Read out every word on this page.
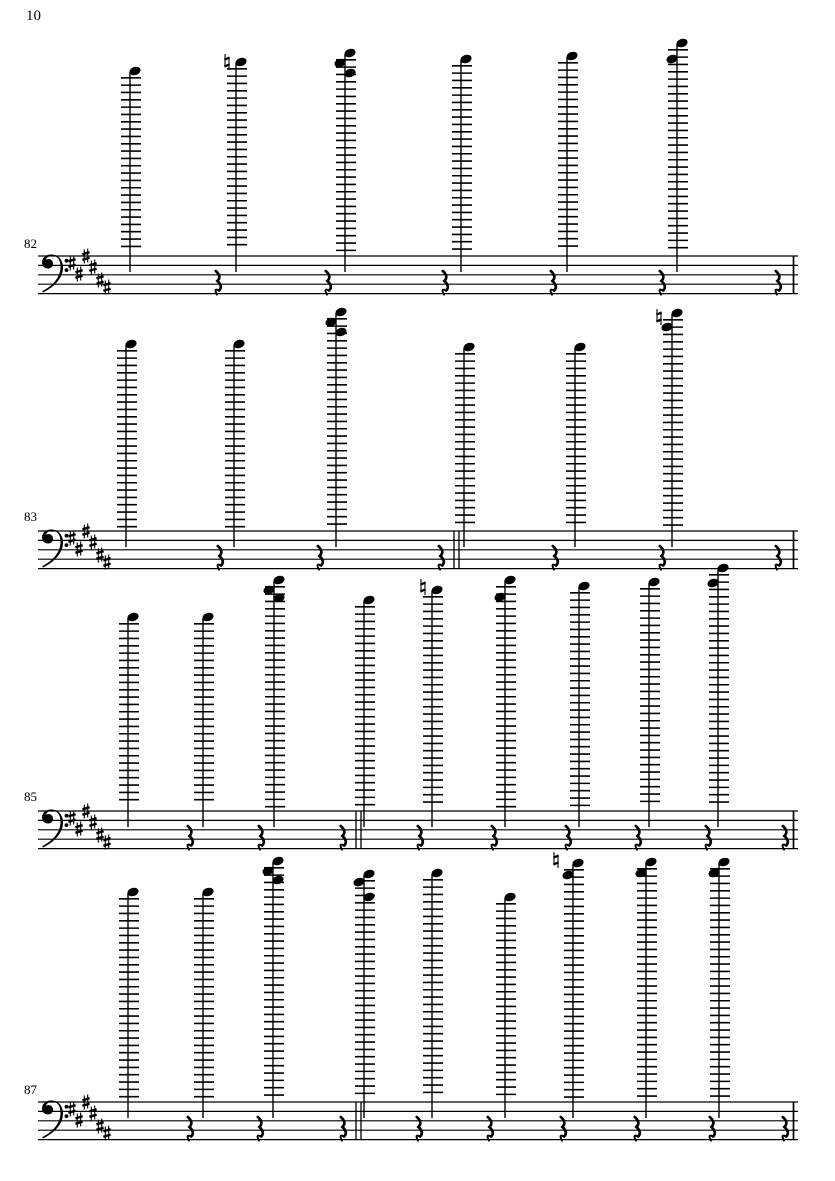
10
82
83
85
87
